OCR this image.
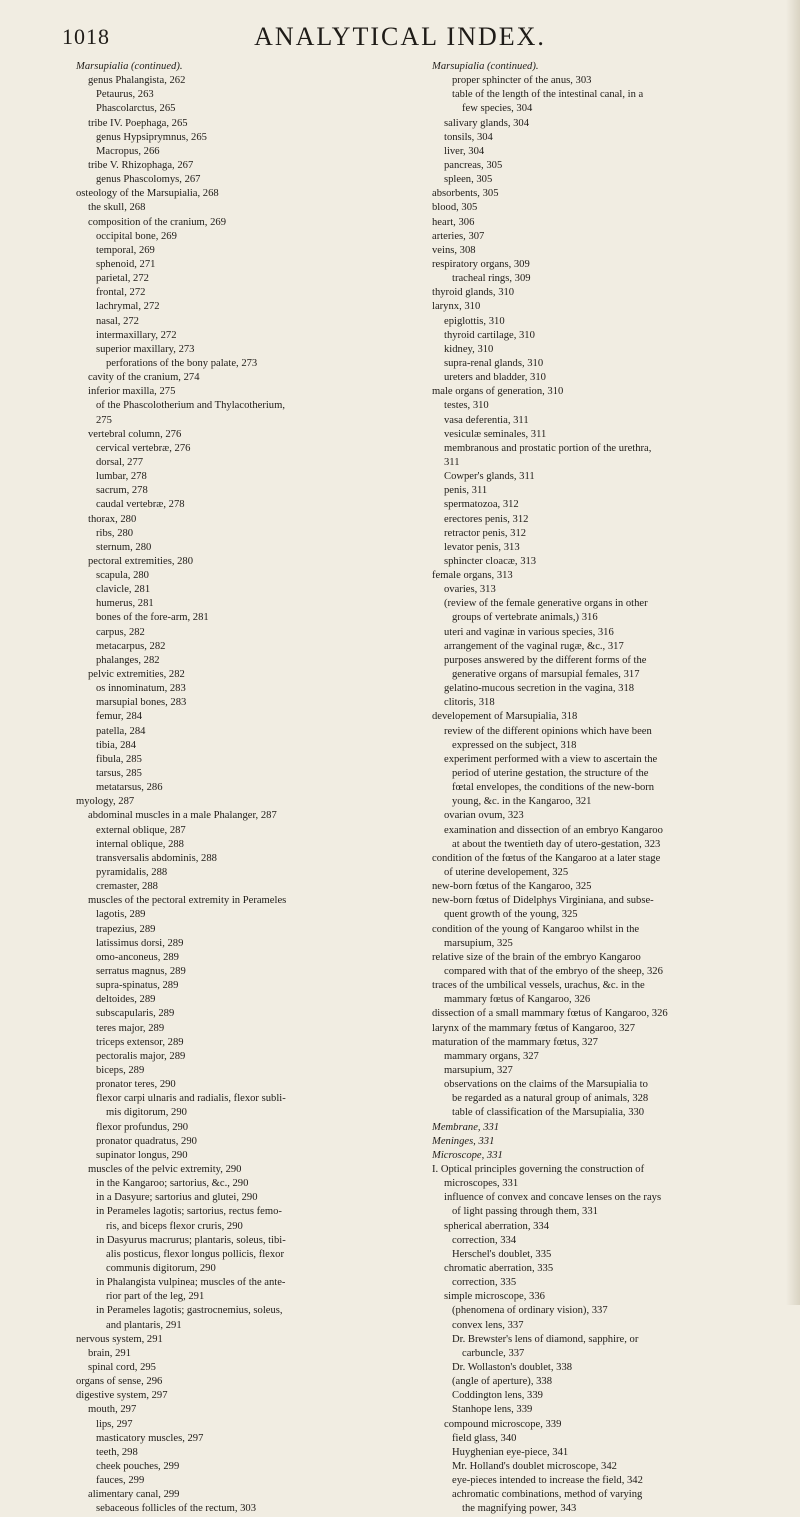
1018	ANALYTICAL INDEX.
Marsupialia (continued).
genus Phalangista, 262
Petaurus, 263
Phascolarctus, 265
tribe IV. Poephaga, 265
genus Hypsiprymnus, 265
Macropus, 266
tribe V. Rhizophaga, 267
genus Phascolomys, 267
osteology of the Marsupialia, 268
the skull, 268
composition of the cranium, 269
occipital bone, 269
temporal, 269
sphenoid, 271
parietal, 272
frontal, 272
lachrymal, 272
nasal, 272
intermaxillary, 272
superior maxillary, 273
perforations of the bony palate, 273
cavity of the cranium, 274
inferior maxilla, 275
of the Phascolotherium and Thylacotherium,
275
vertebral column, 276
cervical vertebræ, 276
dorsal, 277
lumbar, 278
sacrum, 278
caudal vertebræ, 278
thorax, 280
ribs, 280
sternum, 280
pectoral extremities, 280
scapula, 280
clavicle, 281
humerus, 281
bones of the fore-arm, 281
carpus, 282
metacarpus, 282
phalanges, 282
pelvic extremities, 282
os innominatum, 283
marsupial bones, 283
femur, 284
patella, 284
tibia, 284
fibula, 285
tarsus, 285
metatarsus, 286
myology, 287
abdominal muscles in a male Phalanger, 287
external oblique, 287
internal oblique, 288
transversalis abdominis, 288
pyramidalis, 288
cremaster, 288
muscles of the pectoral extremity in Perameles
lagotis, 289
trapezius, 289
latissimus dorsi, 289
omo-anconeus, 289
serratus magnus, 289
supra-spinatus, 289
deltoides, 289
subscapularis, 289
teres major, 289
triceps extensor, 289
pectoralis major, 289
biceps, 289
pronator teres, 290
flexor carpi ulnaris and radialis, flexor subli-
mis digitorum, 290
flexor profundus, 290
pronator quadratus, 290
supinator longus, 290
muscles of the pelvic extremity, 290
in the Kangaroo; sartorius, &c., 290
in a Dasyure; sartorius and glutei, 290
in Perameles lagotis; sartorius, rectus femo-
ris, and biceps flexor cruris, 290
in Dasyurus macrurus; plantaris, soleus, tibi-
alis posticus, flexor longus pollicis, flexor
communis digitorum, 290
in Phalangista vulpinea; muscles of the ante-
rior part of the leg, 291
in Perameles lagotis; gastrocnemius, soleus,
and plantaris, 291
nervous system, 291
brain, 291
spinal cord, 295
organs of sense, 296
digestive system, 297
mouth, 297
lips, 297
masticatory muscles, 297
teeth, 298
cheek pouches, 299
fauces, 299
alimentary canal, 299
sebaceous follicles of the rectum, 303
Marsupialia (continued).
proper sphincter of the anus, 303
table of the length of the intestinal canal, in a
few species, 304
salivary glands, 304
tonsils, 304
liver, 304
pancreas, 305
spleen, 305
absorbents, 305
blood, 305
heart, 306
arteries, 307
veins, 308
respiratory organs, 309
tracheal rings, 309
thyroid glands, 310
larynx, 310
epiglottis, 310
thyroid cartilage, 310
kidney, 310
supra-renal glands, 310
ureters and bladder, 310
male organs of generation, 310
testes, 310
vasa deferentia, 311
vesiculæ seminales, 311
membranous and prostatic portion of the urethra,
311
Cowper's glands, 311
penis, 311
spermatozoa, 312
erectores penis, 312
retractor penis, 312
levator penis, 313
sphincter cloacæ, 313
female organs, 313
ovaries, 313
(review of the female generative organs in other
groups of vertebrate animals,) 316
uteri and vaginæ in various species, 316
arrangement of the vaginal rugæ, &c., 317
purposes answered by the different forms of the
generative organs of marsupial females, 317
gelatino-mucous secretion in the vagina, 318
clitoris, 318
developement of Marsupialia, 318
review of the different opinions which have been
expressed on the subject, 318
experiment performed with a view to ascertain the
period of uterine gestation, the structure of the
fœtal envelopes, the conditions of the new-born
young, &c. in the Kangaroo, 321
ovarian ovum, 323
examination and dissection of an embryo Kangaroo
at about the twentieth day of utero-gestation, 323
condition of the fœtus of the Kangaroo at a later stage
of uterine developement, 325
new-born fœtus of the Kangaroo, 325
new-born fœtus of Didelphys Virginiana, and subse-
quent growth of the young, 325
condition of the young of Kangaroo whilst in the
marsupium, 325
relative size of the brain of the embryo Kangaroo
compared with that of the embryo of the sheep, 326
traces of the umbilical vessels, urachus, &c. in the
mammary fœtus of Kangaroo, 326
dissection of a small mammary fœtus of Kangaroo, 326
larynx of the mammary fœtus of Kangaroo, 327
maturation of the mammary fœtus, 327
mammary organs, 327
marsupium, 327
observations on the claims of the Marsupialia to
be regarded as a natural group of animals, 328
table of classification of the Marsupialia, 330
Membrane, 331
Meninges, 331
Microscope, 331
I. Optical principles governing the construction of
microscopes, 331
influence of convex and concave lenses on the rays
of light passing through them, 331
spherical aberration, 334
correction, 334
Herschel's doublet, 335
chromatic aberration, 335
correction, 335
simple microscope, 336
(phenomena of ordinary vision), 337
convex lens, 337
Dr. Brewster's lens of diamond, sapphire, or
carbuncle, 337
Dr. Wollaston's doublet, 338
(angle of aperture), 338
Coddington lens, 339
Stanhope lens, 339
compound microscope, 339
field glass, 340
Huyghenian eye-piece, 341
Mr. Holland's doublet microscope, 342
eye-pieces intended to increase the field, 342
achromatic combinations, method of varying
the magnifying power, 343
